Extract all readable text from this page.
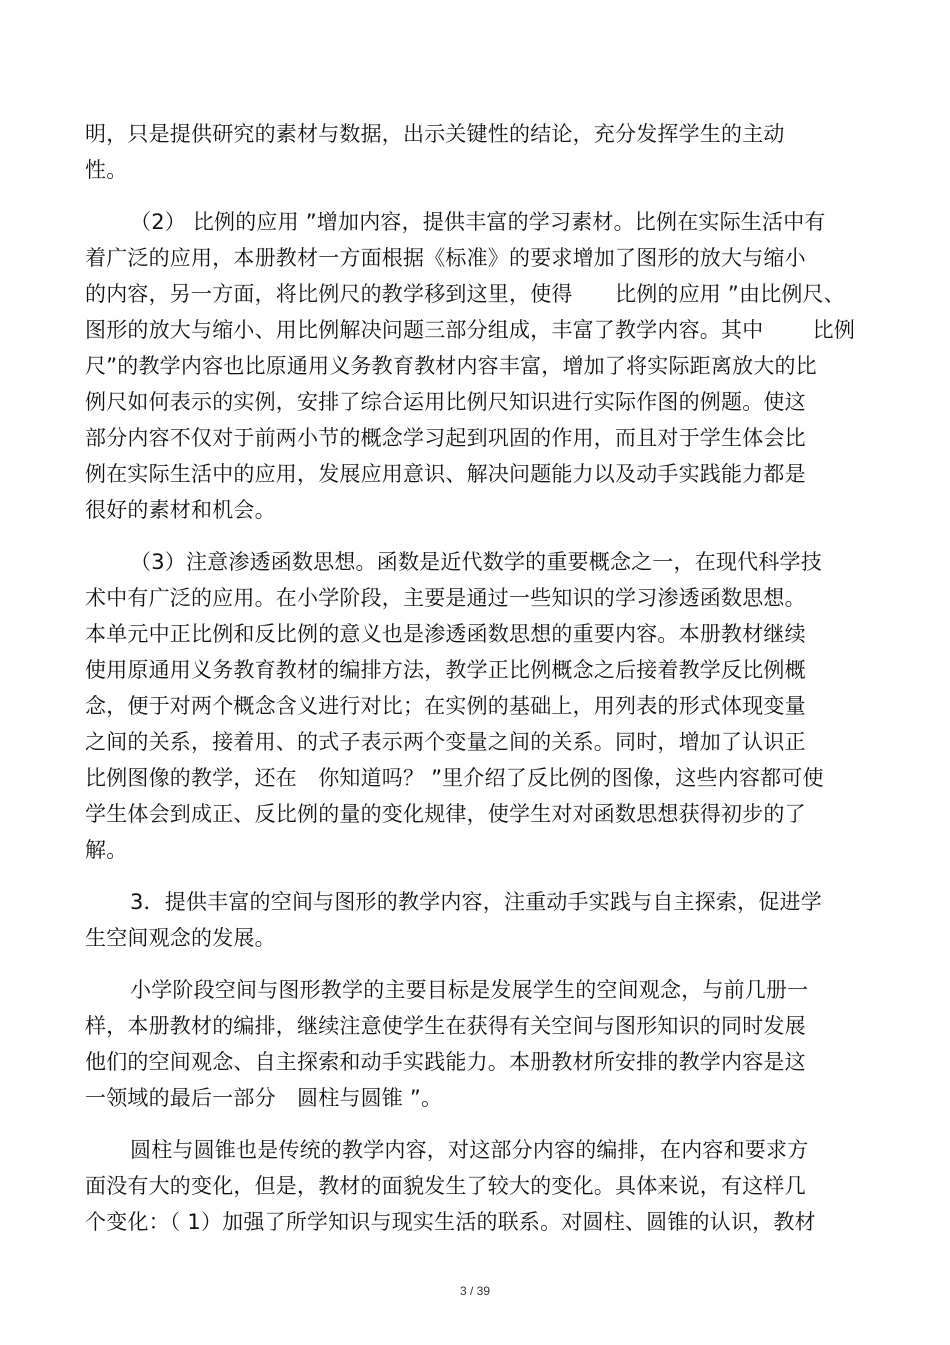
明，只是提供研究的素材与数据，出示关键性的结论，充分发挥学生的主动
性。
（2） 比例的应用 ”增加内容，提供丰富的学习素材。比例在实际生活中有
着广泛的应用，本册教材一方面根据《标准》的要求增加了图形的放大与缩小
的内容，另一方面，将比例尺的教学移到这里，使得　　比例的应用 ”由比例尺、
图形的放大与缩小、用比例解决问题三部分组成，丰富了教学内容。其中　　 比例
尺”的教学内容也比原通用义务教育教材内容丰富，增加了将实际距离放大的比
例尺如何表示的实例，安排了综合运用比例尺知识进行实际作图的例题。使这
部分内容不仅对于前两小节的概念学习起到巩固的作用，而且对于学生体会比
例在实际生活中的应用，发展应用意识、解决问题能力以及动手实践能力都是
很好的素材和机会。
（3）注意渗透函数思想。函数是近代数学的重要概念之一，在现代科学技
术中有广泛的应用。在小学阶段，主要是通过一些知识的学习渗透函数思想。
本单元中正比例和反比例的意义也是渗透函数思想的重要内容。本册教材继续
使用原通用义务教育教材的编排方法，教学正比例概念之后接着教学反比例概
念，便于对两个概念含义进行对比；在实例的基础上，用列表的形式体现变量
之间的关系，接着用、的式子表示两个变量之间的关系。同时，增加了认识正
比例图像的教学，还在　你知道吗？ ”里介绍了反比例的图像，这些内容都可使
学生体会到成正、反比例的量的变化规律，使学生对对函数思想获得初步的了
解。
3．提供丰富的空间与图形的教学内容，注重动手实践与自主探索，促进学
生空间观念的发展。
小学阶段空间与图形教学的主要目标是发展学生的空间观念，与前几册一
样，本册教材的编排，继续注意使学生在获得有关空间与图形知识的同时发展
他们的空间观念、自主探索和动手实践能力。本册教材所安排的教学内容是这
一领域的最后一部分　圆柱与圆锥 ”。
圆柱与圆锥也是传统的教学内容，对这部分内容的编排，在内容和要求方
面没有大的变化，但是，教材的面貌发生了较大的变化。具体来说，有这样几
个变化：（ 1）加强了所学知识与现实生活的联系。对圆柱、圆锥的认识，教材
3 / 39
